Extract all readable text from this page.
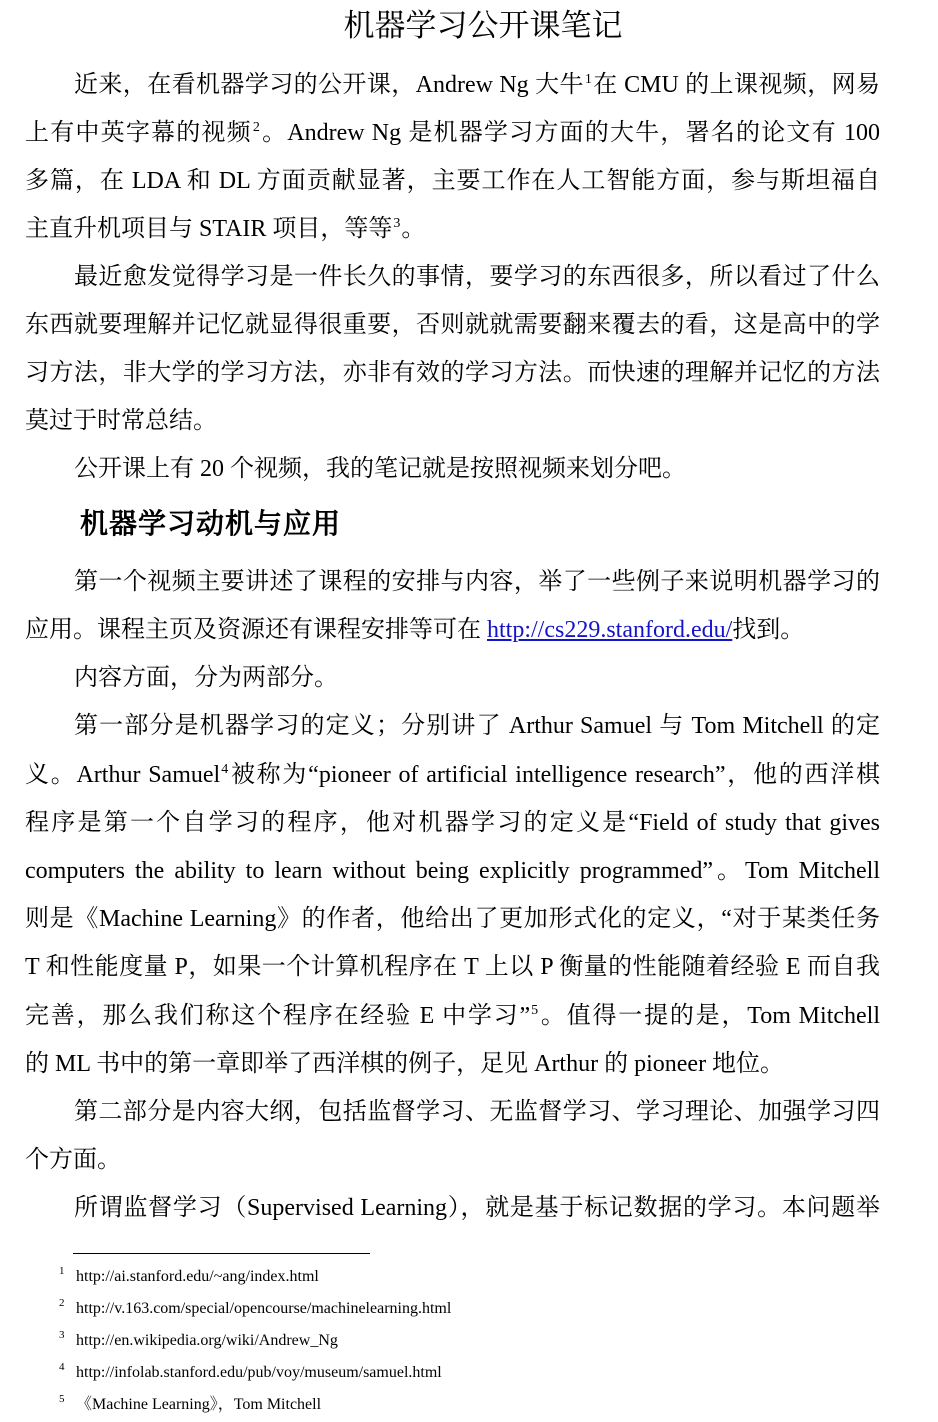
机器学习公开课笔记
近来，在看机器学习的公开课，Andrew Ng 大牛$^1$在 CMU 的上课视频，网易
上有中英字幕的视频$^2$。Andrew Ng 是机器学习方面的大牛，署名的论文有 100
多篇，在 LDA 和 DL 方面贡献显著，主要工作在人工智能方面，参与斯坦福自
主直升机项目与 STAIR 项目，等等$^3$。
最近愈发觉得学习是一件长久的事情，要学习的东西很多，所以看过了什么
东西就要理解并记忆就显得很重要，否则就就需要翻来覆去的看，这是高中的学
习方法，非大学的学习方法，亦非有效的学习方法。而快速的理解并记忆的方法
莫过于时常总结。
公开课上有 20 个视频，我的笔记就是按照视频来划分吧。
机器学习动机与应用
第一个视频主要讲述了课程的安排与内容，举了一些例子来说明机器学习的
应用。课程主页及资源还有课程安排等可在 http://cs229.stanford.edu/找到。
内容方面，分为两部分。
第一部分是机器学习的定义；分别讲了 Arthur Samuel 与 Tom Mitchell 的定
义。Arthur Samuel$^4$被称为“pioneer of artificial intelligence research”，他的西洋棋
程序是第一个自学习的程序，他对机器学习的定义是“Field of study that gives
computers the ability to learn without being explicitly programmed”。Tom Mitchell
则是《Machine Learning》的作者，他给出了更加形式化的定义，“对于某类任务
T 和性能度量 P，如果一个计算机程序在 T 上以 P 衡量的性能随着经验 E 而自我
完善，那么我们称这个程序在经验 E 中学习”$^5$。值得一提的是，Tom Mitchell
的 ML 书中的第一章即举了西洋棋的例子，足见 Arthur 的 pioneer 地位。
第二部分是内容大纲，包括监督学习、无监督学习、学习理论、加强学习四
个方面。
所谓监督学习（Supervised Learning），就是基于标记数据的学习。本问题举
1 http://ai.stanford.edu/~ang/index.html
2 http://v.163.com/special/opencourse/machinelearning.html
3 http://en.wikipedia.org/wiki/Andrew_Ng
4 http://infolab.stanford.edu/pub/voy/museum/samuel.html
5 《Machine Learning》，Tom Mitchell
